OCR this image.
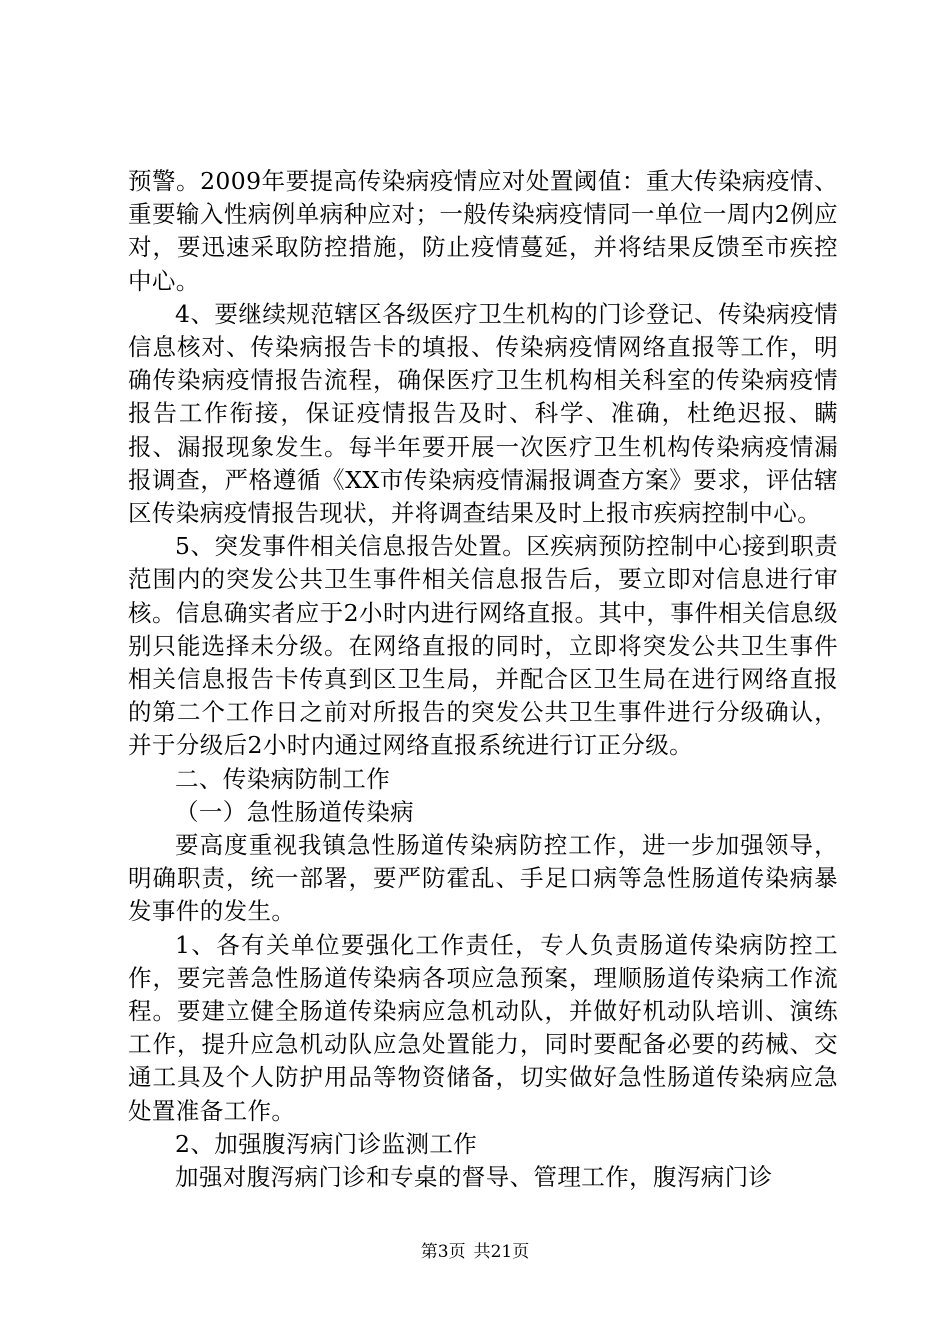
预警。2009年要提高传染病疫情应对处置阈值：重大传染病疫情、重要输入性病例单病种应对；一般传染病疫情同一单位一周内2例应对，要迅速采取防控措施，防止疫情蔓延，并将结果反馈至市疾控中心。

4、要继续规范辖区各级医疗卫生机构的门诊登记、传染病疫情信息核对、传染病报告卡的填报、传染病疫情网络直报等工作，明确传染病疫情报告流程，确保医疗卫生机构相关科室的传染病疫情报告工作衔接，保证疫情报告及时、科学、准确，杜绝迟报、瞒报、漏报现象发生。每半年要开展一次医疗卫生机构传染病疫情漏报调查，严格遵循《XX市传染病疫情漏报调查方案》要求，评估辖区传染病疫情报告现状，并将调查结果及时上报市疾病控制中心。

5、突发事件相关信息报告处置。区疾病预防控制中心接到职责范围内的突发公共卫生事件相关信息报告后，要立即对信息进行审核。信息确实者应于2小时内进行网络直报。其中，事件相关信息级别只能选择未分级。在网络直报的同时，立即将突发公共卫生事件相关信息报告卡传真到区卫生局，并配合区卫生局在进行网络直报的第二个工作日之前对所报告的突发公共卫生事件进行分级确认，并于分级后2小时内通过网络直报系统进行订正分级。

二、传染病防制工作

（一）急性肠道传染病

要高度重视我镇急性肠道传染病防控工作，进一步加强领导，明确职责，统一部署，要严防霍乱、手足口病等急性肠道传染病暴发事件的发生。

1、各有关单位要强化工作责任，专人负责肠道传染病防控工作，要完善急性肠道传染病各项应急预案，理顺肠道传染病工作流程。要建立健全肠道传染病应急机动队，并做好机动队培训、演练工作，提升应急机动队应急处置能力，同时要配备必要的药械、交通工具及个人防护用品等物资储备，切实做好急性肠道传染病应急处置准备工作。

2、加强腹泻病门诊监测工作

加强对腹泻病门诊和专桌的督导、管理工作，腹泻病门诊

第3页 共21页
